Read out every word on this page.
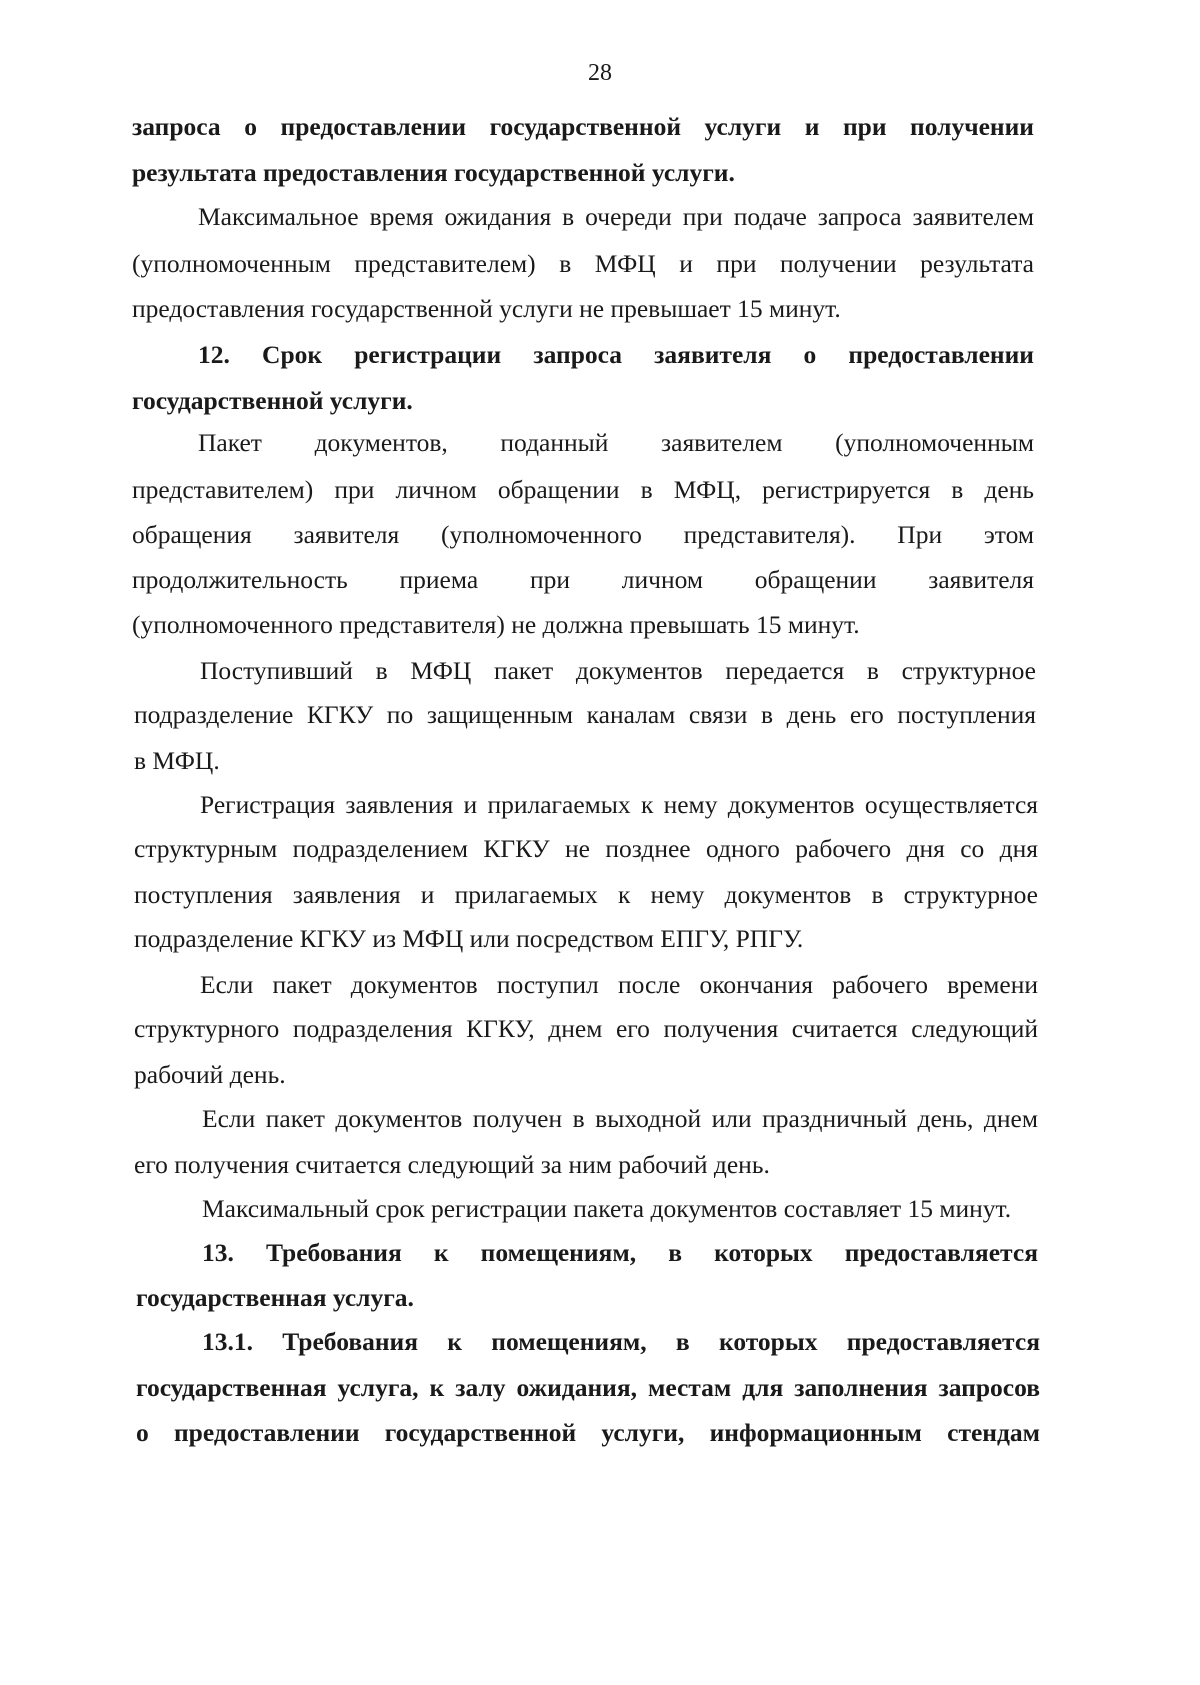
28
запроса о предоставлении государственной услуги и при получении
результата предоставления государственной услуги.
Максимальное время ожидания в очереди при подаче запроса заявителем
(уполномоченным представителем) в МФЦ и при получении результата
предоставления государственной услуги не превышает 15 минут.
12. Срок регистрации запроса заявителя о предоставлении
государственной услуги.
Пакет документов, поданный заявителем (уполномоченным
представителем) при личном обращении в МФЦ, регистрируется в день
обращения заявителя (уполномоченного представителя). При этом
продолжительность приема при личном обращении заявителя
(уполномоченного представителя) не должна превышать 15 минут.
Поступивший в МФЦ пакет документов передается в структурное
подразделение КГКУ по защищенным каналам связи в день его поступления
в МФЦ.
Регистрация заявления и прилагаемых к нему документов осуществляется
структурным подразделением КГКУ не позднее одного рабочего дня со дня
поступления заявления и прилагаемых к нему документов в структурное
подразделение КГКУ из МФЦ или посредством ЕПГУ, РПГУ.
Если пакет документов поступил после окончания рабочего времени
структурного подразделения КГКУ, днем его получения считается следующий
рабочий день.
Если пакет документов получен в выходной или праздничный день, днем
его получения считается следующий за ним рабочий день.
Максимальный срок регистрации пакета документов составляет 15 минут.
13. Требования к помещениям, в которых предоставляется
государственная услуга.
13.1. Требования к помещениям, в которых предоставляется
государственная услуга, к залу ожидания, местам для заполнения запросов
о предоставлении государственной услуги, информационным стендам
